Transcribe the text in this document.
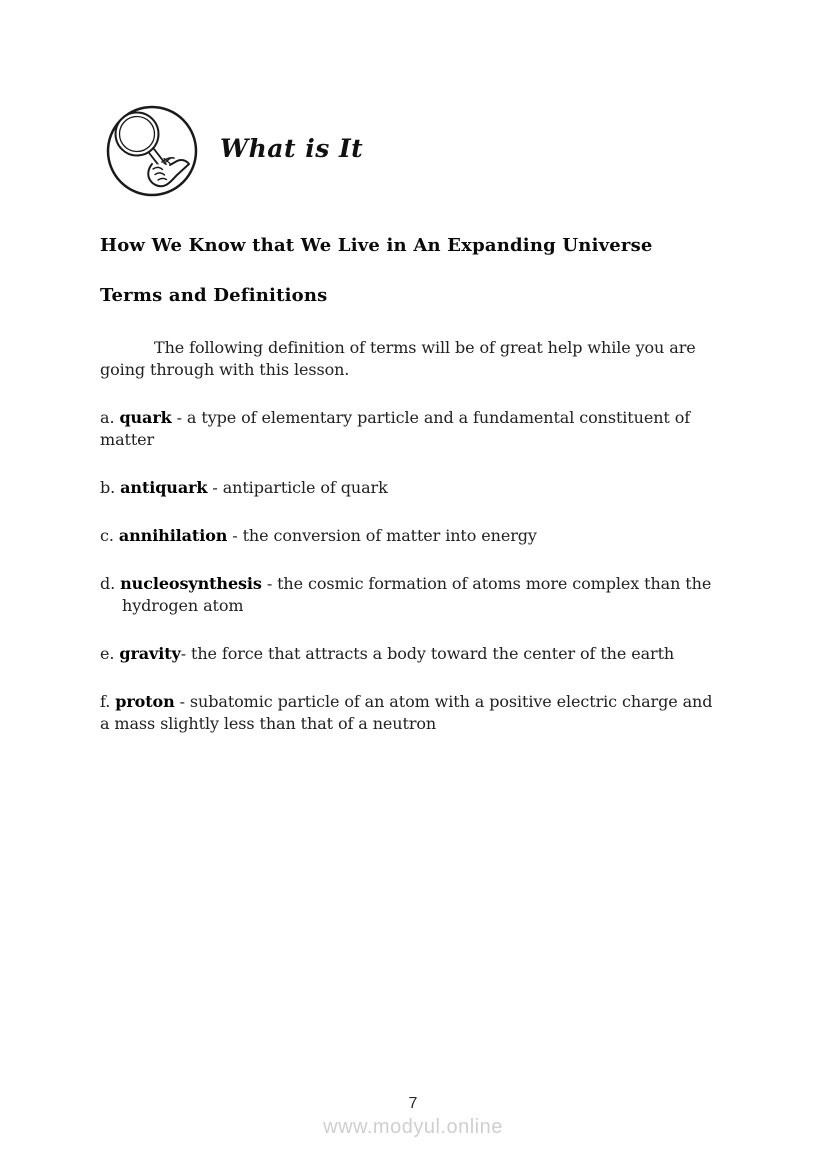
What is It
How We Know that We Live in An Expanding Universe
Terms and Definitions

The following definition of terms will be of great help while you are going through with this lesson.

a. quark - a type of elementary particle and a fundamental constituent of matter
b. antiquark - antiparticle of quark
c. annihilation - the conversion of matter into energy
d. nucleosynthesis - the cosmic formation of atoms more complex than the hydrogen atom
e. gravity- the force that attracts a body toward the center of the earth
f. proton - subatomic particle of an atom with a positive electric charge and a mass slightly less than that of a neutron
7
www.modyul.online
